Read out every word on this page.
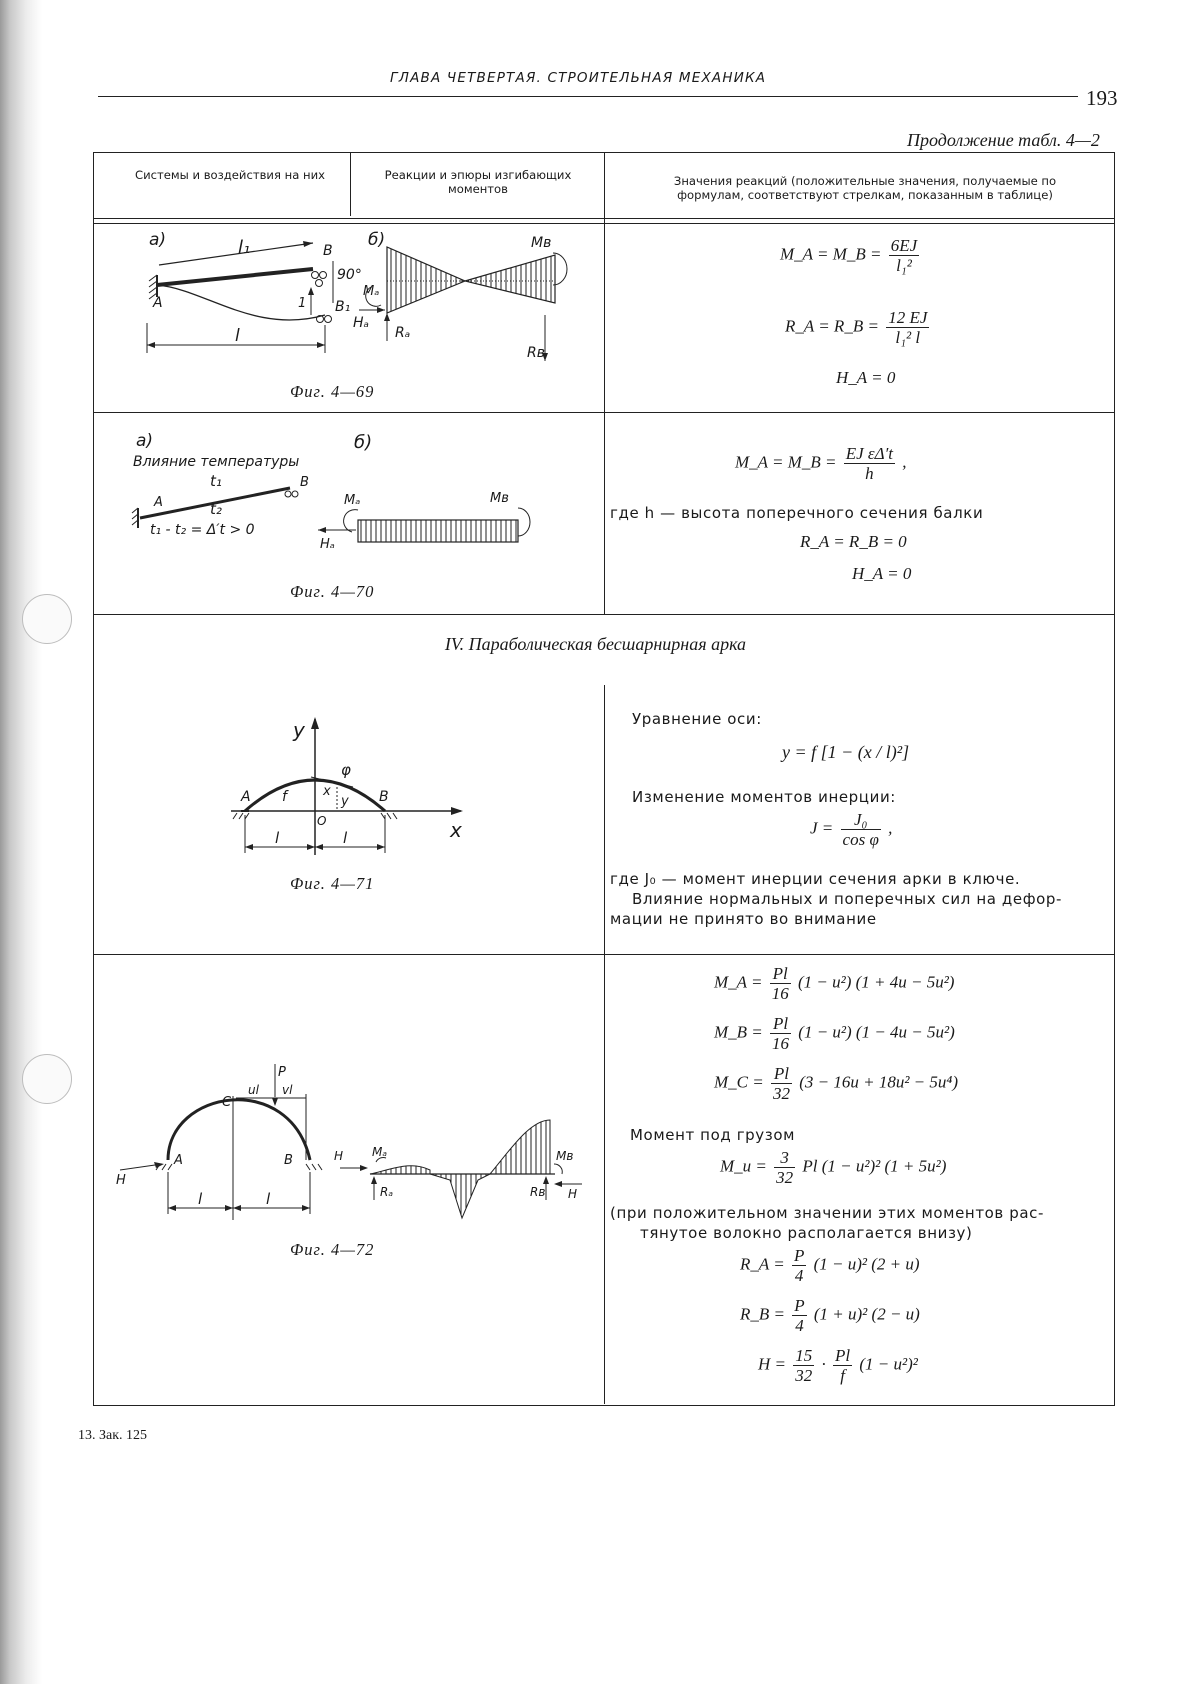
ГЛАВА ЧЕТВЕРТАЯ. СТРОИТЕЛЬНАЯ МЕХАНИКА
193
Продолжение табл. 4—2
Системы и воздействия на них	Реакции и эпюры изгибающих моментов
Значения реакций (положительные значения, получаемые по формулам, соответствуют стрелкам, показанным в таблице)
а)	l₁
A
B
90°
1 B₁
l
б)
Mₐ
Hₐ
Rₐ
Mв
Rв
Фиг. 4—69
M_A = M_B = $\frac{6EJ}{\text{l₁²}}$
R_A = R_B = $\frac{12 EJ}{\text{l₁² l}}$
H_A = 0
а)
Влияние температуры
б)
t₁
A
B
t₂
t₁ - t₂ = Δ′t > 0
Mₐ
Hₐ
Mв
Фиг. 4—70
M_A = M_B = $\frac{\text{EJ εΔ′t}}{h}$ ,
где h — высота поперечного сечения балки
R_A = R_B = 0
H_A = 0
IV. Параболическая бесшарнирная арка
y
x
A	B
φ
f	x
y
O
l	l
Фиг. 4—71
Уравнение оси:
y = f [1 − (x / l)²]
Изменение моментов инерции:
$J = \frac{\text{J₀}}{\text{cos φ}}$ ,
где J₀ — момент инерции сечения арки в ключе.
Влияние нормальных и поперечных сил на дефор-
мации не принято во внимание
C
P
ul vl
A	B
H
l	l
H Mₐ
Rₐ
Mв
H
Rв
Фиг. 4—72
M_A = $\frac{Pl}{16} (1 - u^2) (1 + 4u - 5u^2)$
M_B = $\frac{Pl}{16} (1 - u^2) (1 - 4u - 5u^2)$
M_C = $\frac{Pl}{32} (3 - 16u + 18u^2 - 5u^4)$
Момент под грузом
M_u = $\frac{3}{32}$ Pl (1 − u²)² (1 + 5u²)
(при положительном значении этих моментов рас-
тянутое волокно располагается внизу)
R_A = $\frac{P}{4} (1 - u)^2$ (2 + u)
R_B = $\frac{P}{4} (1 + u)^2$ (2 − u)
$H = \frac{15}{32} \cdot \frac{Pl}{f} (1 - u^2)^2$
13. Зак. 125
